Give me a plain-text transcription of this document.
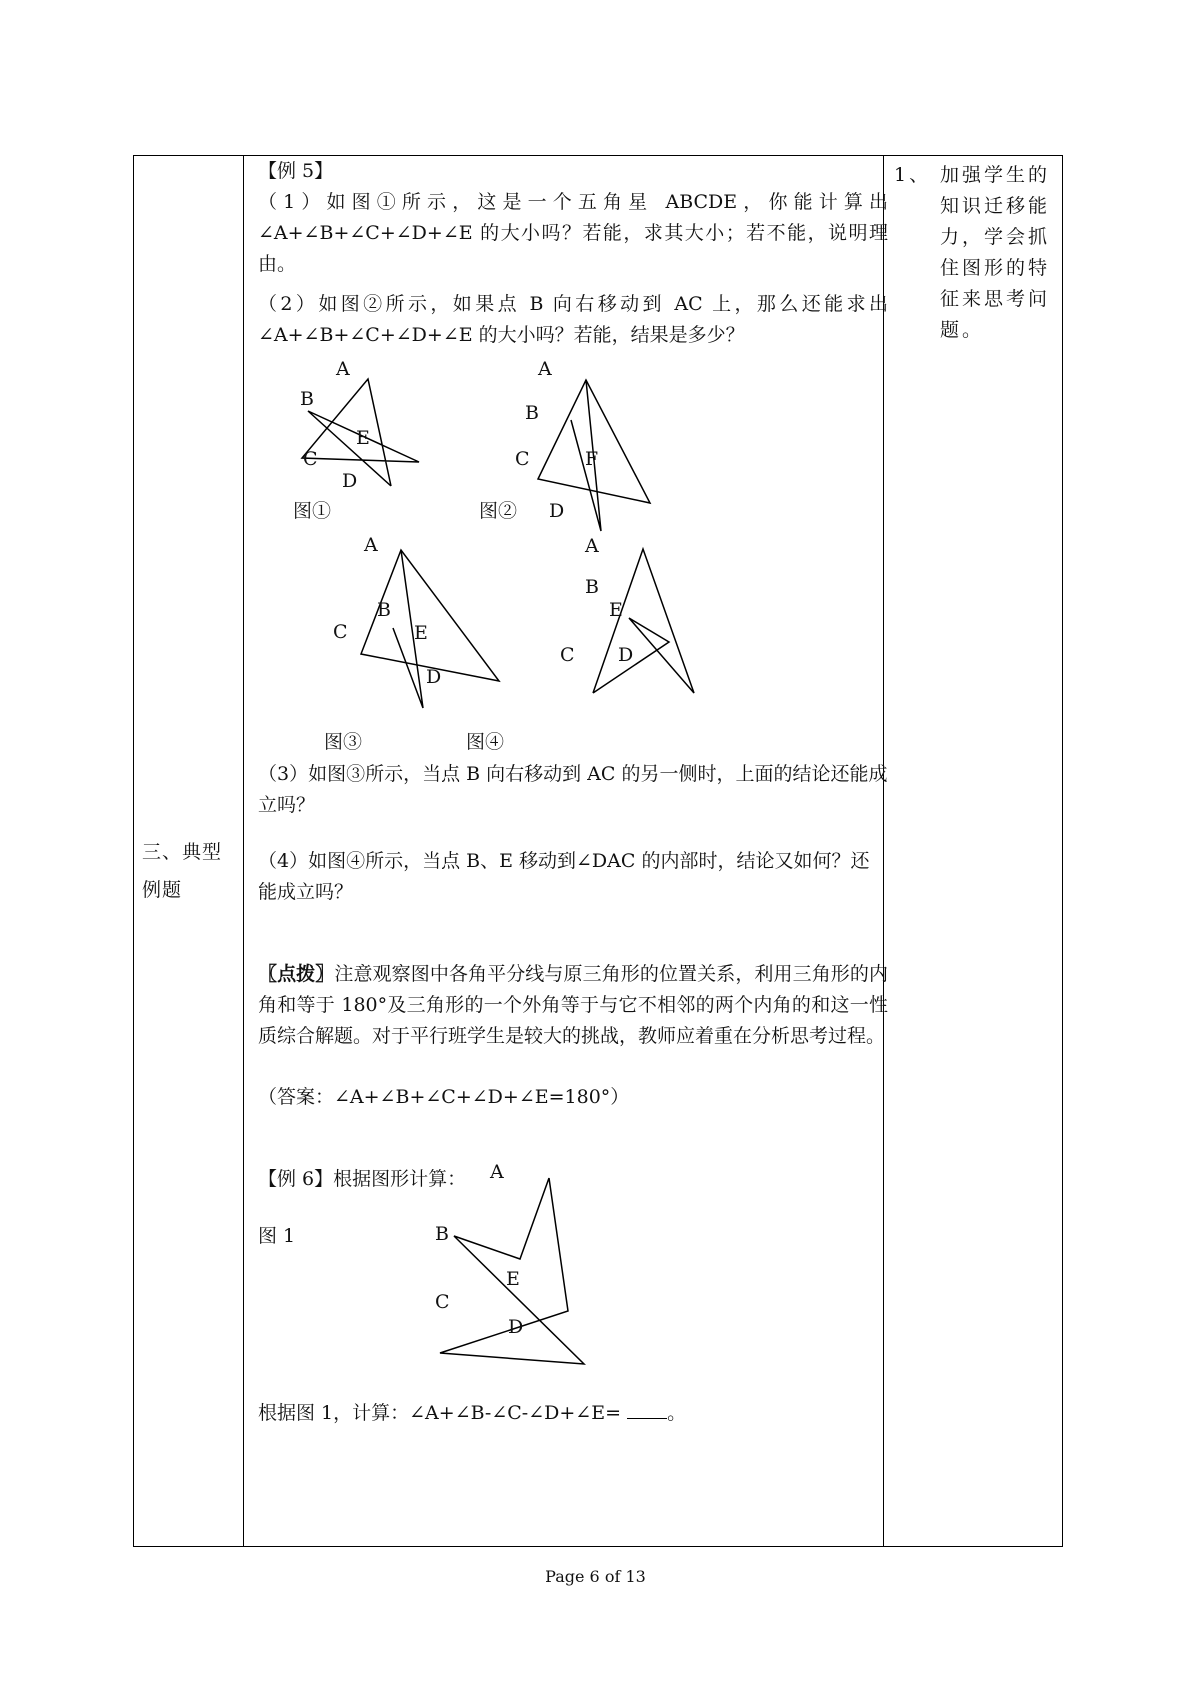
三、典型例题

【例 5】
（1）如图①所示，这是一个五角星 ABCDE，你能计算出∠A+∠B+∠C+∠D+∠E 的大小吗？若能，求其大小；若不能，说明理由。
（2）如图②所示，如果点 B 向右移动到 AC 上，那么还能求出∠A+∠B+∠C+∠D+∠E 的大小吗？若能，结果是多少？
A
B
E
C
D
A
B
C	F
D
图①	图②
A
B
C	E
D
A
B
E
C D
图③	图④
（3）如图③所示，当点 B 向右移动到 AC 的另一侧时，上面的结论还能成立吗？
（4）如图④所示，当点 B、E 移动到∠DAC 的内部时，结论又如何？还能成立吗？
〖点拨〗注意观察图中各角平分线与原三角形的位置关系，利用三角形的内角和等于 180°及三角形的一个外角等于与它不相邻的两个内角的和这一性质综合解题。对于平行班学生是较大的挑战，教师应着重在分析思考过程。
（答案：∠A+∠B+∠C+∠D+∠E=180°）
【例 6】根据图形计算：
图 1
A
B
E
C
D
根据图 1，计算：∠A+∠B-∠C-∠D+∠E= 。

1、 加强学生的知识迁移能力，学会抓住图形的特征来思考问题。
Page 6 of 13
